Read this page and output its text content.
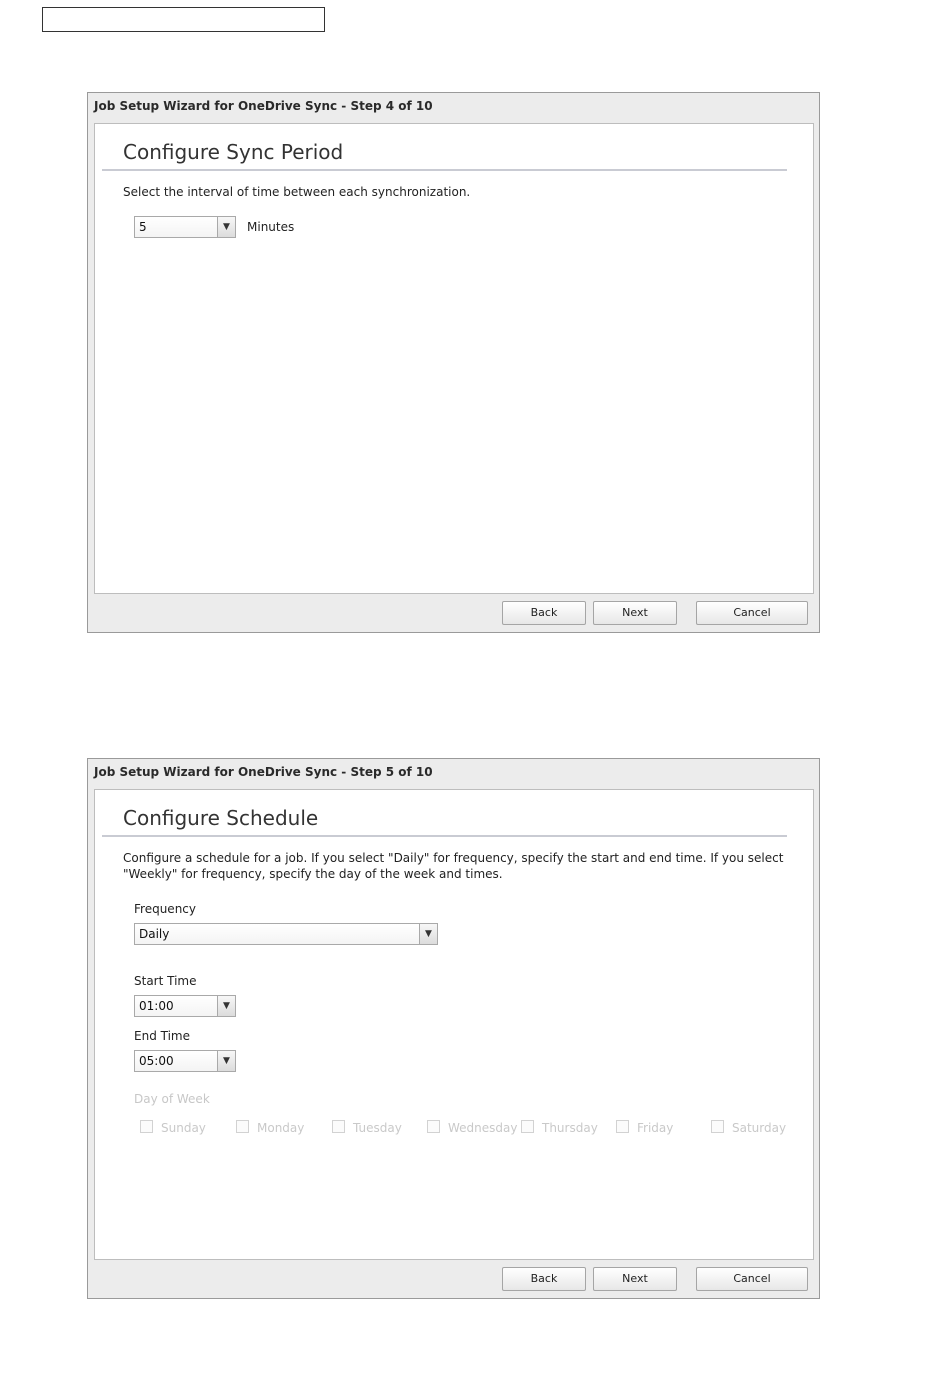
Job Setup Wizard for OneDrive Sync - Step 4 of 10
Configure Sync Period
Select the interval of time between each synchronization.
5	▼	Minutes
Back	Next	Cancel
Job Setup Wizard for OneDrive Sync - Step 5 of 10
Configure Schedule
Configure a schedule for a job. If you select "Daily" for frequency, specify the start and end time. If you select "Weekly" for frequency, specify the day of the week and times.
Frequency
Daily	▼
Start Time
01:00	▼
End Time
05:00	▼
Day of Week
Sunday	Monday	Tuesday	Wednesday	Thursday	Friday	Saturday
Back	Next	Cancel
